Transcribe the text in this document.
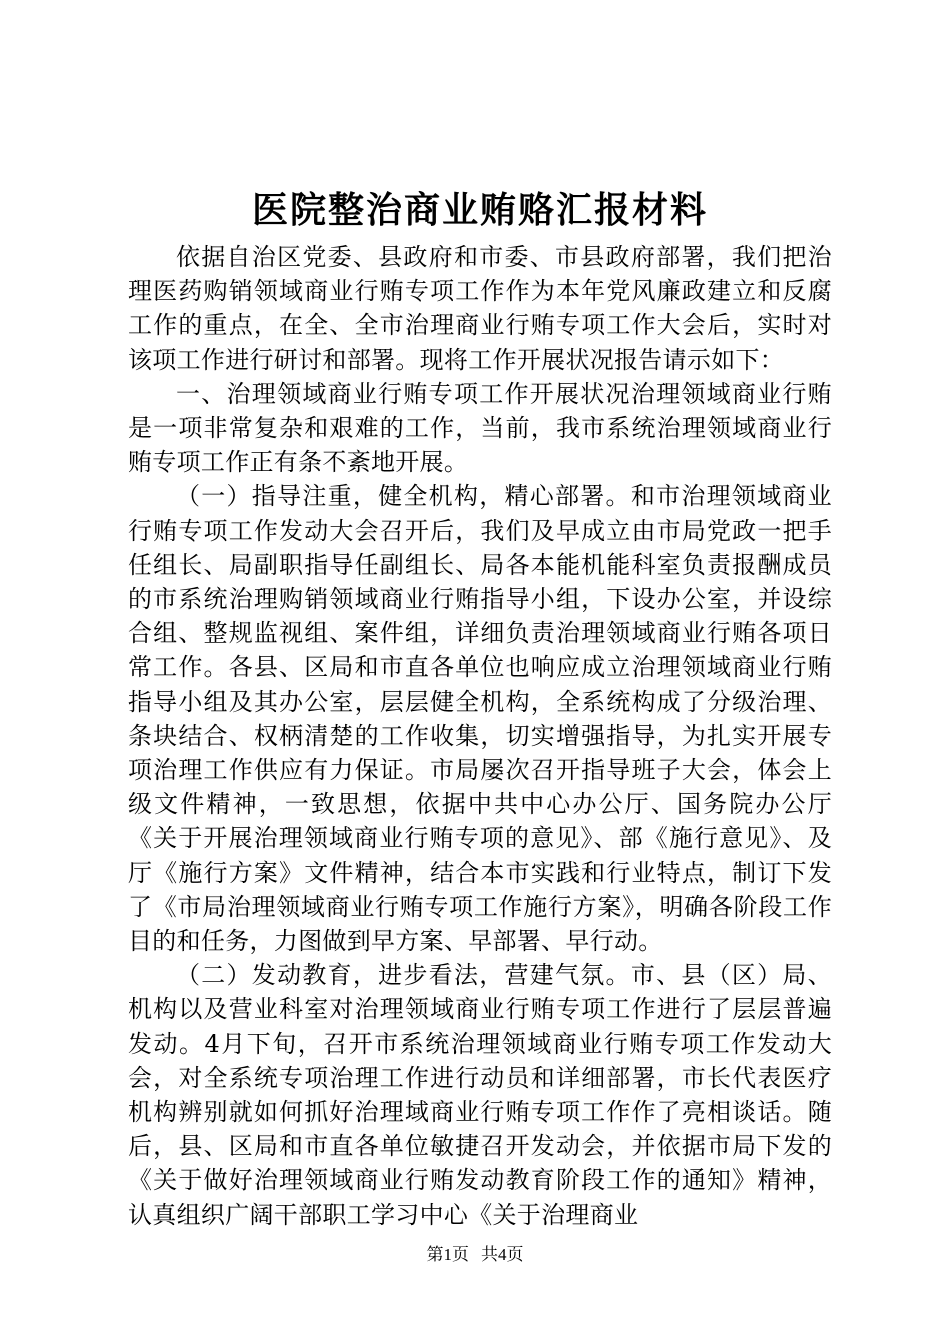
医院整治商业贿赂汇报材料

依据自治区党委、县政府和市委、市县政府部署，我们把治理医药购销领域商业行贿专项工作作为本年党风廉政建立和反腐工作的重点，在全、全市治理商业行贿专项工作大会后，实时对该项工作进行研讨和部署。现将工作开展状况报告请示如下：

一、治理领域商业行贿专项工作开展状况治理领域商业行贿是一项非常复杂和艰难的工作，当前，我市系统治理领域商业行贿专项工作正有条不紊地开展。

（一）指导注重，健全机构，精心部署。和市治理领域商业行贿专项工作发动大会召开后，我们及早成立由市局党政一把手任组长、局副职指导任副组长、局各本能机能科室负责报酬成员的市系统治理购销领域商业行贿指导小组，下设办公室，并设综合组、整规监视组、案件组，详细负责治理领域商业行贿各项日常工作。各县、区局和市直各单位也响应成立治理领域商业行贿指导小组及其办公室，层层健全机构，全系统构成了分级治理、条块结合、权柄清楚的工作收集，切实增强指导，为扎实开展专项治理工作供应有力保证。市局屡次召开指导班子大会，体会上级文件精神，一致思想，依据中共中心办公厅、国务院办公厅《关于开展治理领域商业行贿专项的意见》、部《施行意见》、及厅《施行方案》文件精神，结合本市实践和行业特点，制订下发了《市局治理领域商业行贿专项工作施行方案》，明确各阶段工作目的和任务，力图做到早方案、早部署、早行动。

（二）发动教育，进步看法，营建气氛。市、县（区）局、机构以及营业科室对治理领域商业行贿专项工作进行了层层普遍发动。4月下旬，召开市系统治理领域商业行贿专项工作发动大会，对全系统专项治理工作进行动员和详细部署，市长代表医疗机构辨别就如何抓好治理域商业行贿专项工作作了亮相谈话。随后，县、区局和市直各单位敏捷召开发动会，并依据市局下发的《关于做好治理领域商业行贿发动教育阶段工作的通知》精神，认真组织广阔干部职工学习中心《关于治理商业

第1页 共4页
